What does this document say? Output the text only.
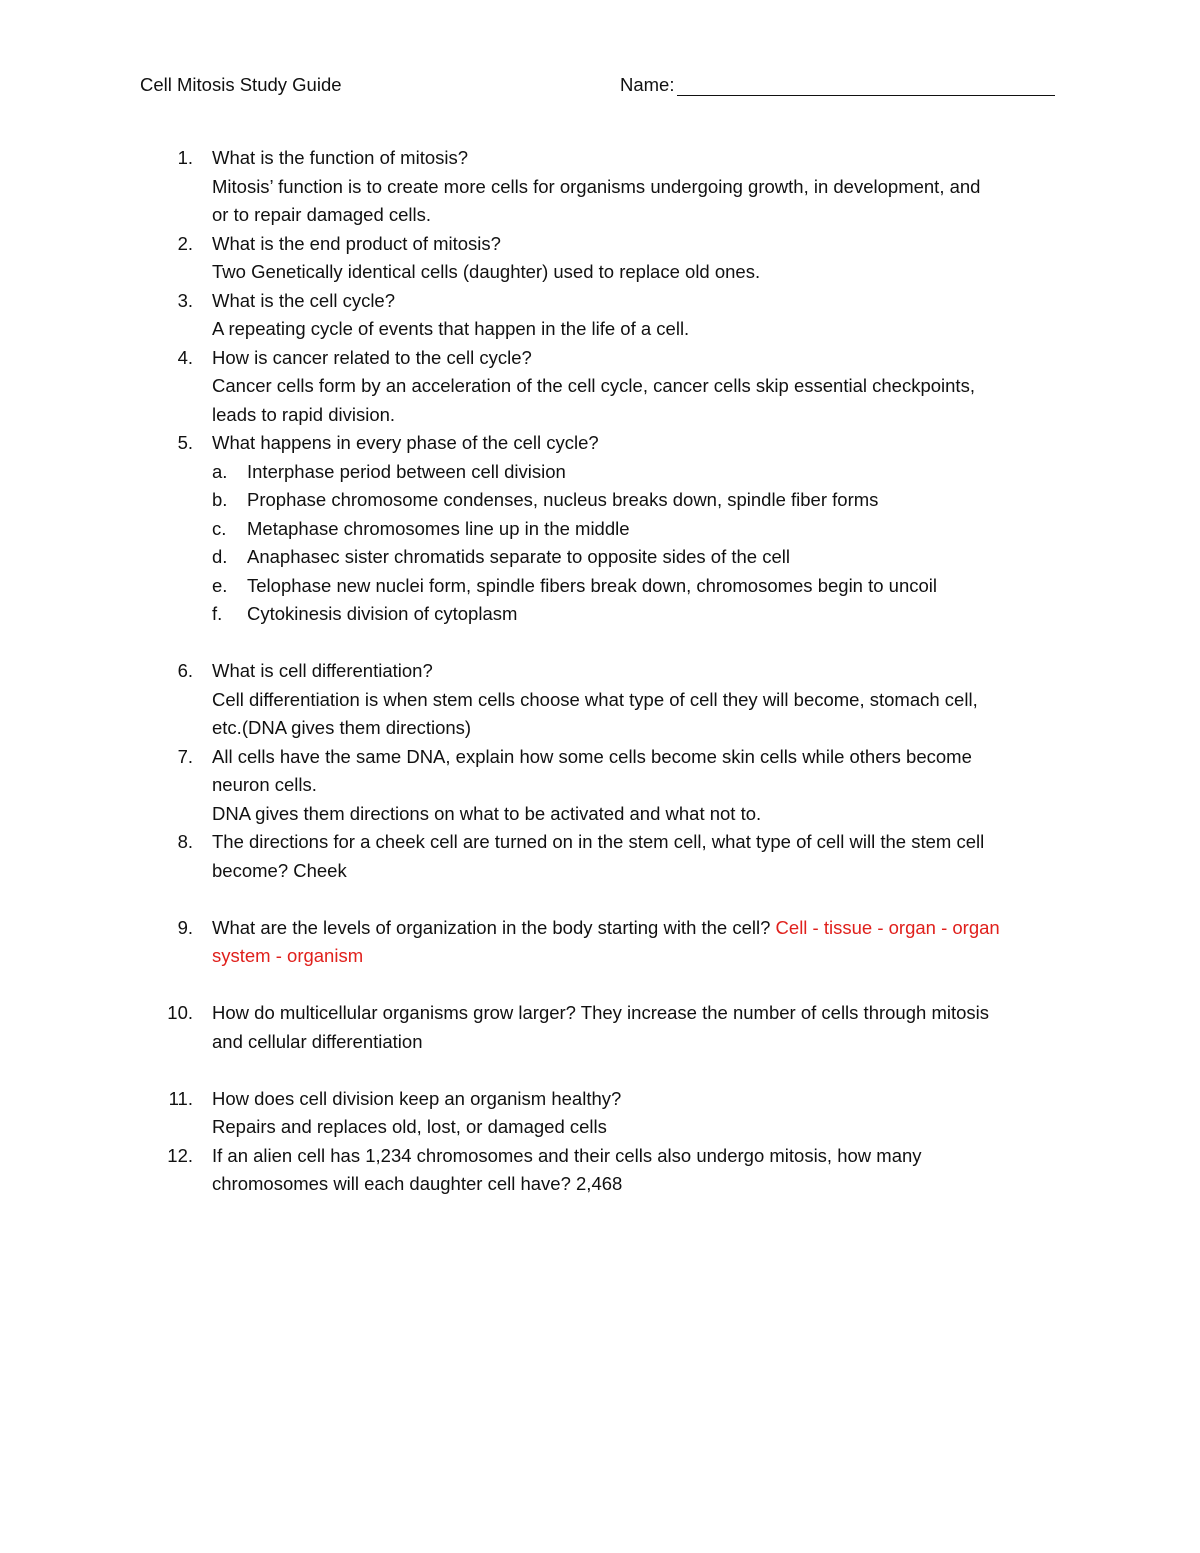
Cell Mitosis Study Guide	Name:
1. What is the function of mitosis?
Mitosis’ function is to create more cells for organisms undergoing growth, in development, and
or to repair damaged cells.
2. What is the end product of mitosis?
Two Genetically identical cells (daughter) used to replace old ones.
3. What is the cell cycle?
A repeating cycle of events that happen in the life of a cell.
4. How is cancer related to the cell cycle?
Cancer cells form by an acceleration of the cell cycle, cancer cells skip essential checkpoints,
leads to rapid division.
5. What happens in every phase of the cell cycle?
a. Interphase period between cell division
b. Prophase chromosome condenses, nucleus breaks down, spindle fiber forms
c. Metaphase chromosomes line up in the middle
d. Anaphasec sister chromatids separate to opposite sides of the cell
e. Telophase new nuclei form, spindle fibers break down, chromosomes begin to uncoil
f. Cytokinesis division of cytoplasm
6. What is cell differentiation?
Cell differentiation is when stem cells choose what type of cell they will become, stomach cell,
etc.(DNA gives them directions)
7. All cells have the same DNA, explain how some cells become skin cells while others become
neuron cells.
DNA gives them directions on what to be activated and what not to.
8. The directions for a cheek cell are turned on in the stem cell, what type of cell will the stem cell
become? Cheek
9. What are the levels of organization in the body starting with the cell? Cell - tissue - organ - organ
system - organism
10. How do multicellular organisms grow larger? They increase the number of cells through mitosis
and cellular differentiation
11. How does cell division keep an organism healthy?
Repairs and replaces old, lost, or damaged cells
12. If an alien cell has 1,234 chromosomes and their cells also undergo mitosis, how many
chromosomes will each daughter cell have? 2,468
